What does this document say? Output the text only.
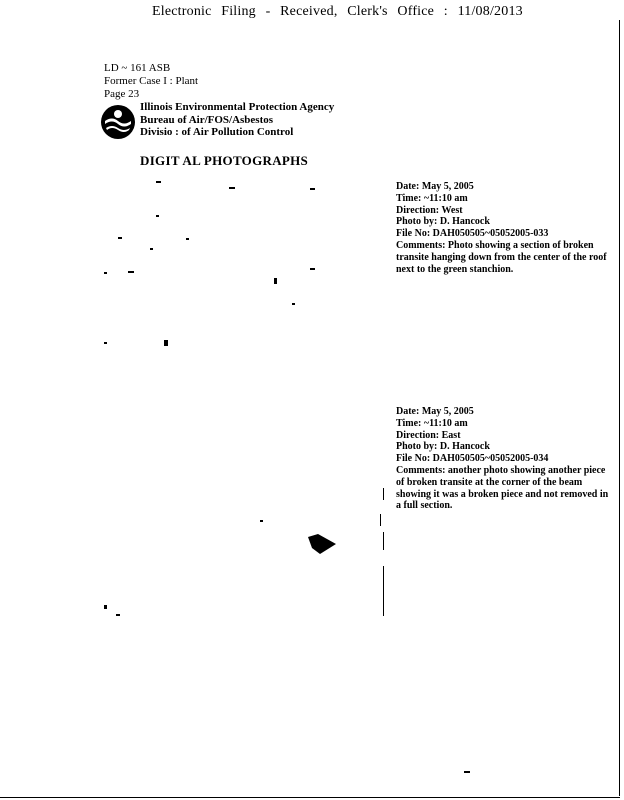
Electronic Filing - Received, Clerk's Office : 11/08/2013
LD ~ 161 ASB
Former Case I : Plant
Page 23
Illinois Environmental Protection Agency
Bureau of Air/FOS/Asbestos
Divisio : of Air Pollution Control
DIGIT AL PHOTOGRAPHS
Date: May 5, 2005
Time: ~11:10 am
Direction: West
Photo by: D. Hancock
File No: DAH050505~05052005-033
Comments: Photo showing a section of broken transite hanging down from the center of the roof next to the green stanchion.
Date: May 5, 2005
Time: ~11:10 am
Direction: East
Photo by: D. Hancock
File No: DAH050505~05052005-034
Comments: another photo showing another piece of broken transite at the corner of the beam showing it was a broken piece and not removed in a full section.
